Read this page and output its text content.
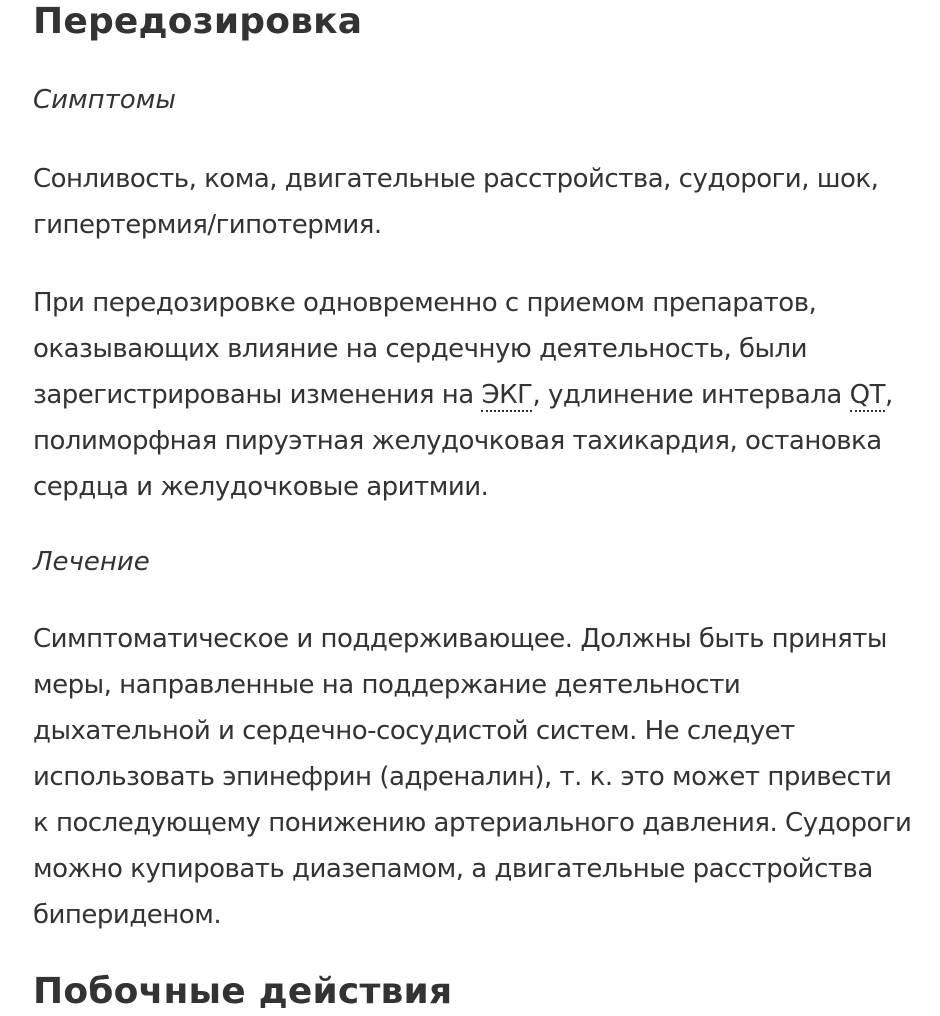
Передозировка
Симптомы
Сонливость, кома, двигательные расстройства, судороги, шок, гипертермия/гипотермия.
При передозировке одновременно с приемом препаратов, оказывающих влияние на сердечную деятельность, были зарегистрированы изменения на ЭКГ, удлинение интервала QT, полиморфная пируэтная желудочковая тахикардия, остановка сердца и желудочковые аритмии.
Лечение
Симптоматическое и поддерживающее. Должны быть приняты меры, направленные на поддержание деятельности дыхательной и сердечно-сосудистой систем. Не следует использовать эпинефрин (адреналин), т. к. это может привести к последующему понижению артериального давления. Судороги можно купировать диазепамом, а двигательные расстройства бипериденом.
Побочные действия
